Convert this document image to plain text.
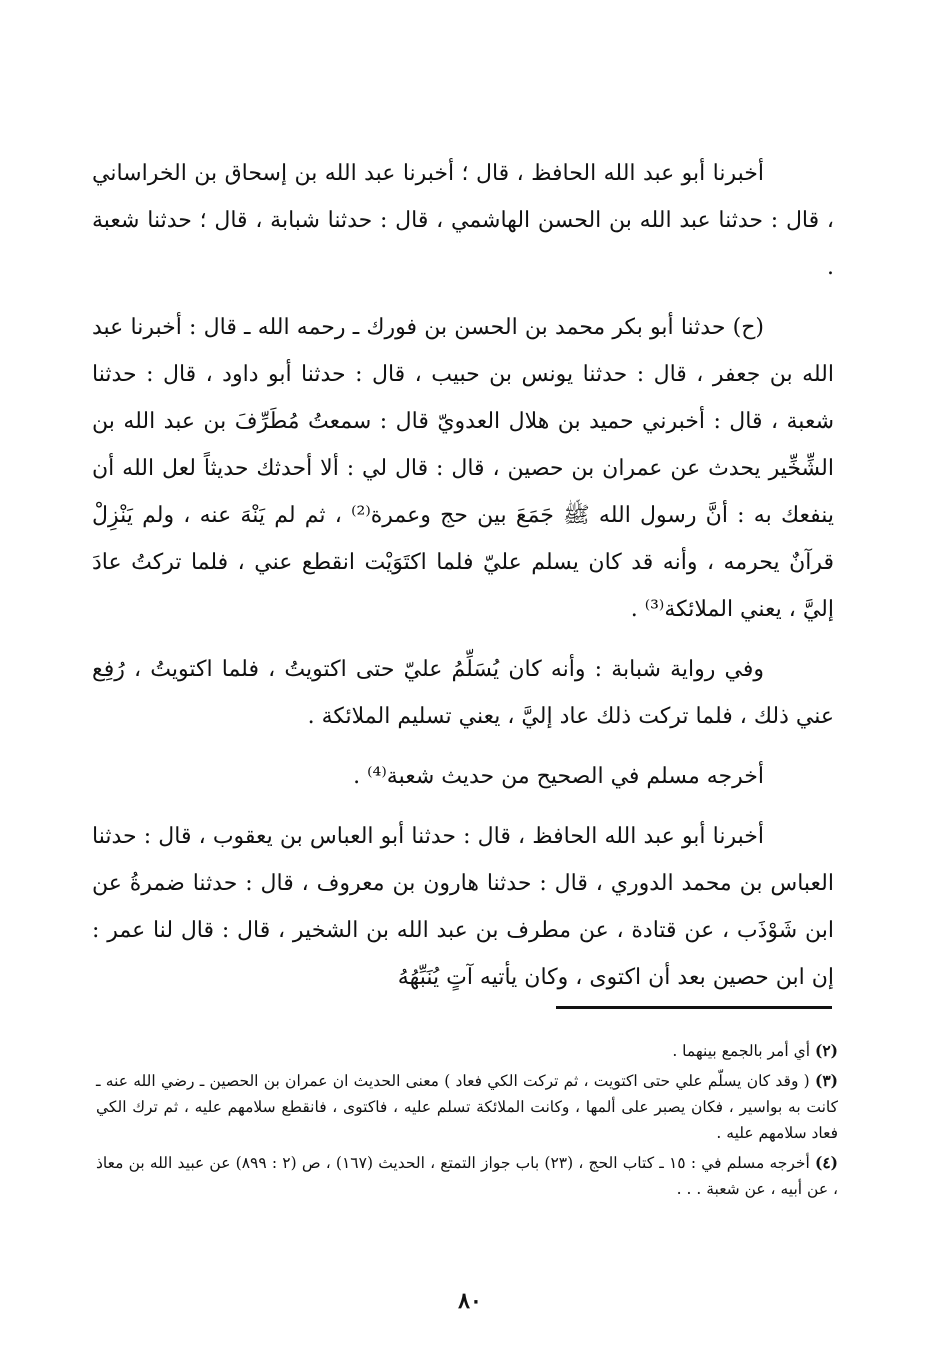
أخبرنا أبو عبد الله الحافظ ، قال ؛ أخبرنا عبد الله بن إسحاق بن الخراساني ، قال : حدثنا عبد الله بن الحسن الهاشمي ، قال : حدثنا شبابة ، قال ؛ حدثنا شعبة .

(ح) حدثنا أبو بكر محمد بن الحسن بن فورك ـ رحمه الله ـ قال : أخبرنا عبد الله بن جعفر ، قال : حدثنا يونس بن حبيب ، قال : حدثنا أبو داود ، قال : حدثنا شعبة ، قال : أخبرني حميد بن هلال العدويّ قال : سمعتُ مُطَرِّفَ بن عبد الله بن الشِّخِّير يحدث عن عمران بن حصين ، قال : قال لي : ألا أحدثك حديثاً لعل الله أن ينفعك به : أنَّ رسول الله ﷺ جَمَعَ بين حج وعمرة⁽²⁾ ، ثم لم يَنْهَ عنه ، ولم يَنْزِلْ قرآنٌ يحرمه ، وأنه قد كان يسلم عليّ فلما اكتَوَيْت انقطع عني ، فلما تركتُ عادَ إليَّ ، يعني الملائكة⁽³⁾ .

وفي رواية شبابة : وأنه كان يُسَلِّمُ عليّ حتى اكتويتُ ، فلما اكتويتُ ، رُفِع عني ذلك ، فلما تركت ذلك عاد إليَّ ، يعني تسليم الملائكة .

أخرجه مسلم في الصحيح من حديث شعبة⁽⁴⁾ .

أخبرنا أبو عبد الله الحافظ ، قال : حدثنا أبو العباس بن يعقوب ، قال : حدثنا العباس بن محمد الدوري ، قال : حدثنا هارون بن معروف ، قال : حدثنا ضمرةُ عن ابن شَوْذَب ، عن قتادة ، عن مطرف بن عبد الله بن الشخير ، قال : قال لنا عمر : إن ابن حصين بعد أن اكتوى ، وكان يأتيه آتٍ يُنَبِّهُهُ

(٢) أي أمر بالجمع بينهما .
(٣) ( وقد كان يسلّم علي حتى اكتويت ، ثم تركت الكي فعاد ) معنى الحديث ان عمران بن الحصين ـ رضي الله عنه ـ كانت به بواسير ، فكان يصبر على ألمها ، وكانت الملائكة تسلم عليه ، فاكتوى ، فانقطع سلامهم عليه ، ثم ترك الكي فعاد سلامهم عليه .
(٤) أخرجه مسلم في : ١٥ ـ كتاب الحج ، (٢٣) باب جواز التمتع ، الحديث (١٦٧) ، ص (٢ : ٨٩٩) عن عبيد الله بن معاذ ، عن أبيه ، عن شعبة . . .
٨٠
